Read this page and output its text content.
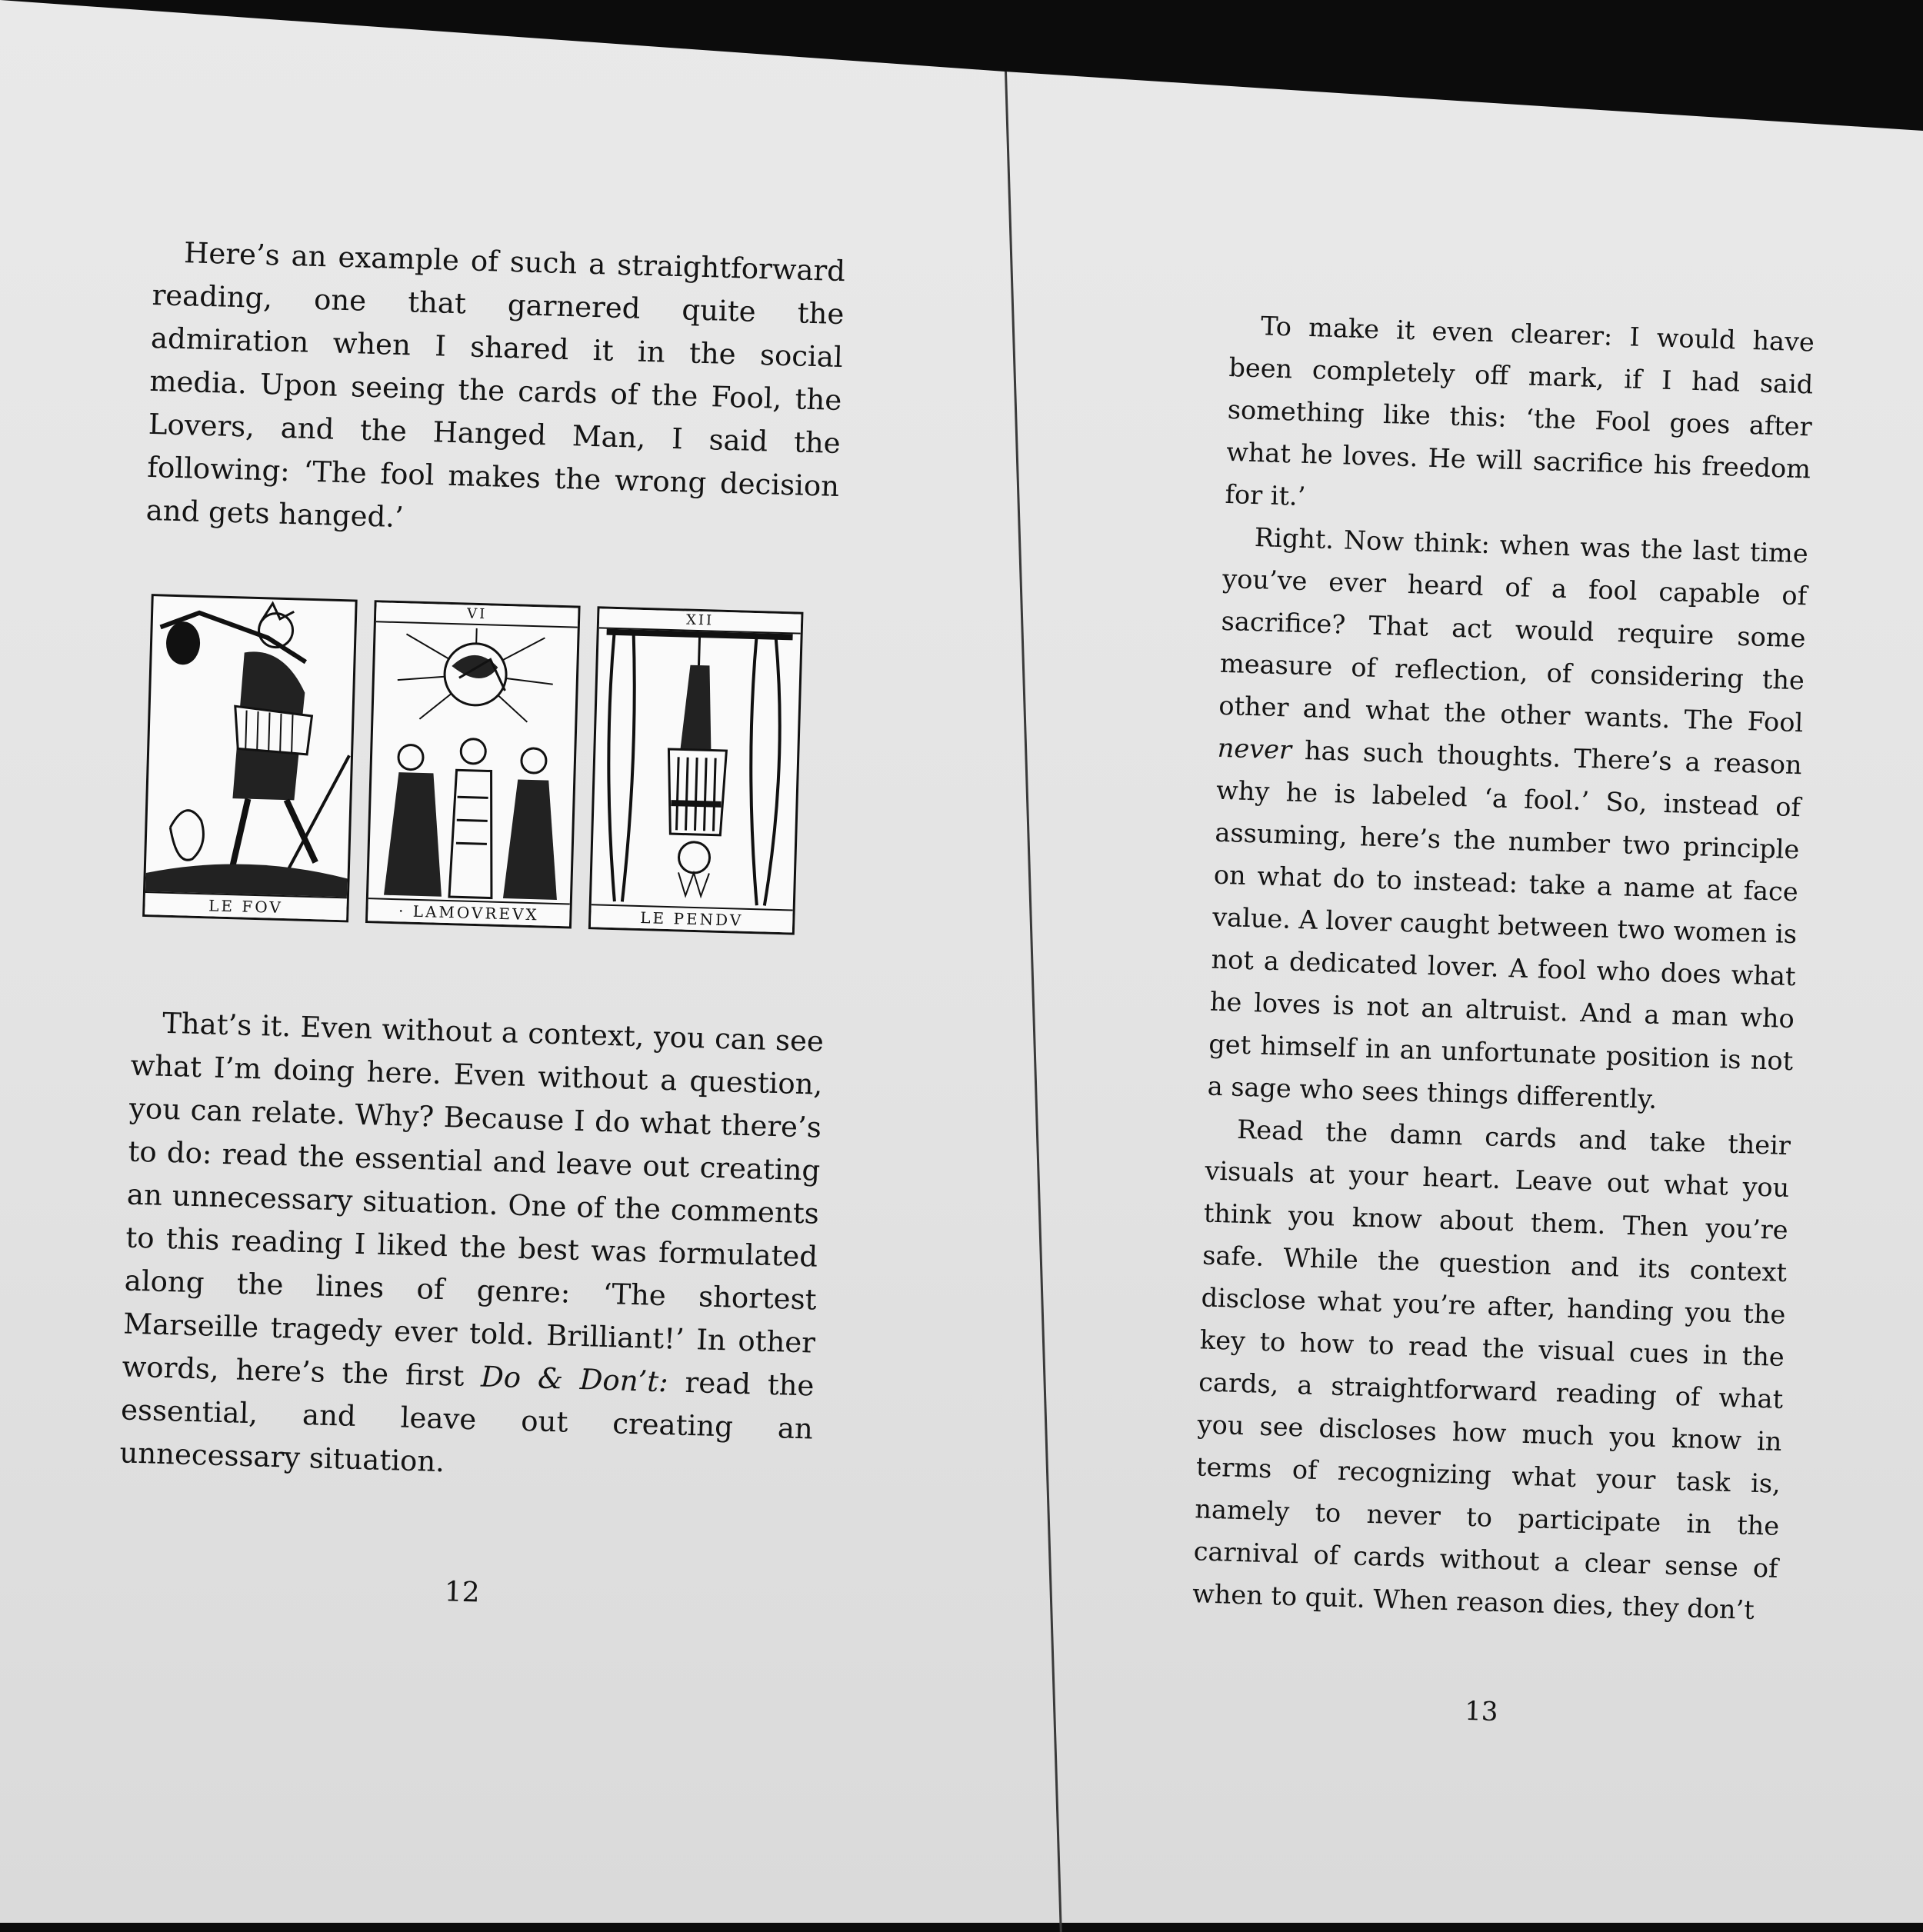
Here’s an example of such a straightforward reading, one that garnered quite the admiration when I shared it in the social media. Upon seeing the cards of the Fool, the Lovers, and the Hanged Man, I said the following: ‘The fool makes the wrong decision and gets hanged.’

LE FOV
VI
· LAMOVREVX
XII
LE PENDV

That’s it. Even without a context, you can see what I’m doing here. Even without a question, you can relate. Why? Because I do what there’s to do: read the essential and leave out creating an unnecessary situation. One of the comments to this reading I liked the best was formulated along the lines of genre: ‘The shortest Marseille tragedy ever told. Brilliant!’ In other words, here’s the first Do & Don’t: read the essential, and leave out creating an unnecessary situation.

12

To make it even clearer: I would have been completely off mark, if I had said something like this: ‘the Fool goes after what he loves. He will sacrifice his freedom for it.’

Right. Now think: when was the last time you’ve ever heard of a fool capable of sacrifice? That act would require some measure of reflection, of considering the other and what the other wants. The Fool never has such thoughts. There’s a reason why he is labeled ‘a fool.’ So, instead of assuming, here’s the number two principle on what do to instead: take a name at face value. A lover caught between two women is not a dedicated lover. A fool who does what he loves is not an altruist. And a man who get himself in an unfortunate position is not a sage who sees things differently.

Read the damn cards and take their visuals at your heart. Leave out what you think you know about them. Then you’re safe. While the question and its context disclose what you’re after, handing you the key to how to read the visual cues in the cards, a straightforward reading of what you see discloses how much you know in terms of recognizing what your task is, namely to never to participate in the carnival of cards without a clear sense of when to quit. When reason dies, they don’t

13
